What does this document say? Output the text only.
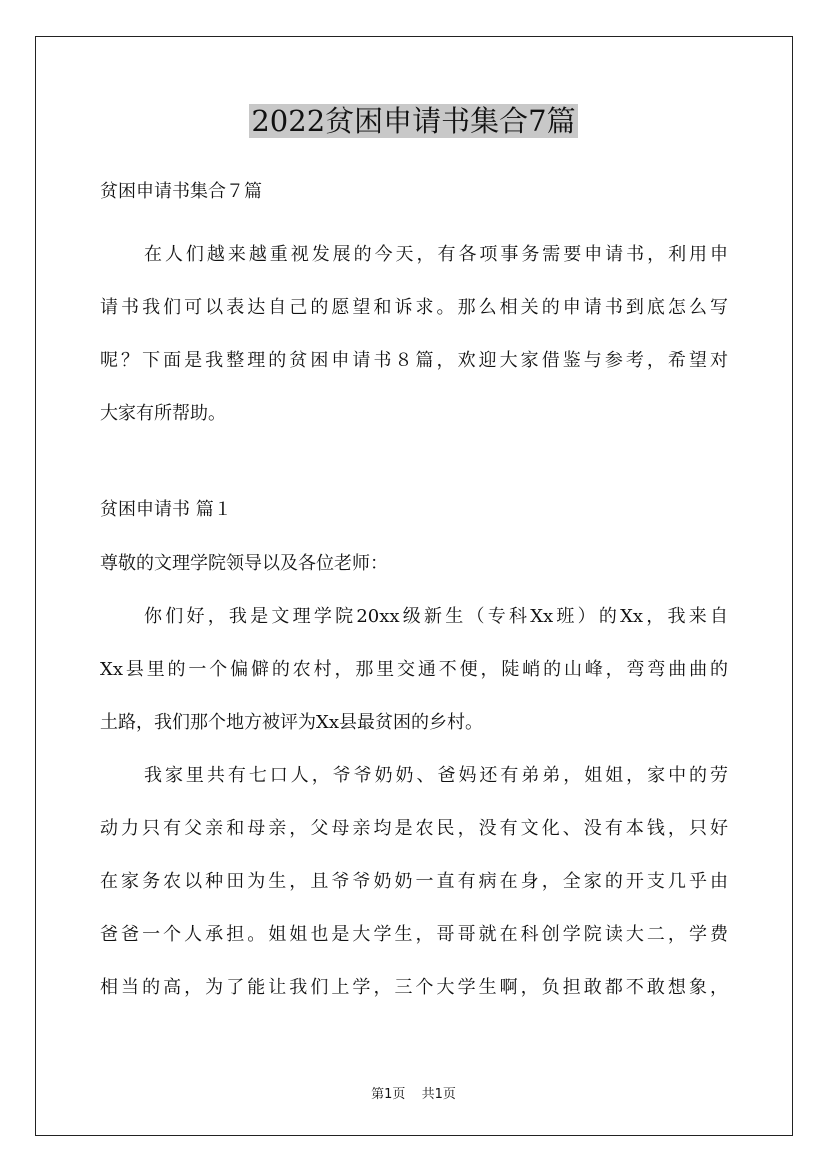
2022贫困申请书集合7篇

贫困申请书集合７篇

在人们越来越重视发展的今天，有各项事务需要申请书，利用申

请书我们可以表达自己的愿望和诉求。那么相关的申请书到底怎么写

呢？下面是我整理的贫困申请书８篇，欢迎大家借鉴与参考，希望对

大家有所帮助。

贫困申请书 篇１

尊敬的文理学院领导以及各位老师：

你们好，我是文理学院20xx级新生（专科Xx班）的Xx，我来自

Xx县里的一个偏僻的农村，那里交通不便，陡峭的山峰，弯弯曲曲的

土路，我们那个地方被评为Xx县最贫困的乡村。

我家里共有七口人，爷爷奶奶、爸妈还有弟弟，姐姐，家中的劳

动力只有父亲和母亲，父母亲均是农民，没有文化、没有本钱，只好

在家务农以种田为生，且爷爷奶奶一直有病在身，全家的开支几乎由

爸爸一个人承担。姐姐也是大学生，哥哥就在科创学院读大二，学费

相当的高，为了能让我们上学，三个大学生啊，负担敢都不敢想象，

第1页 共1页
